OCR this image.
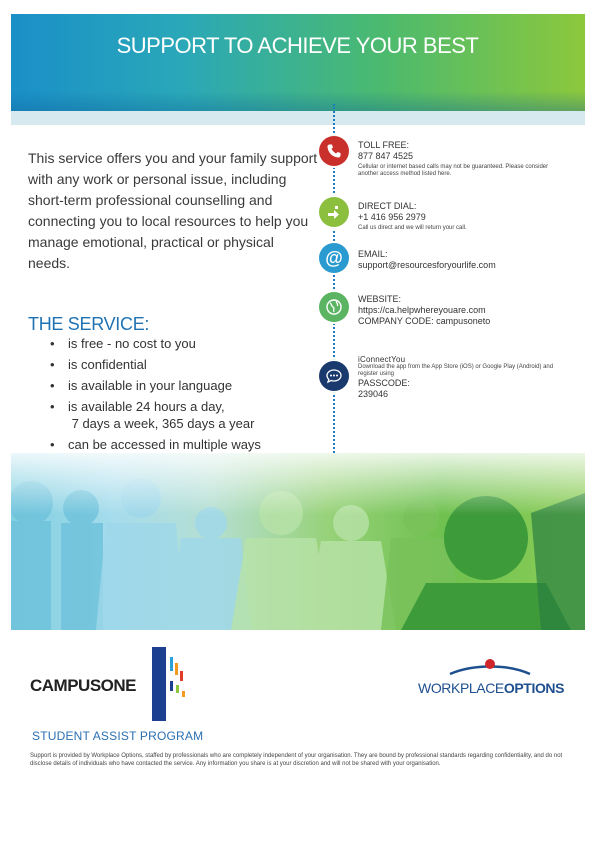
SUPPORT TO ACHIEVE YOUR BEST

This service offers you and your family support with any work or personal issue, including short-term professional counselling and connecting you to local resources to help you manage emotional, practical or physical needs.

THE SERVICE:
•	is free - no cost to you
•	is confidential
•	is available in your language
•	is available 24 hours a day,
7 days a week, 365 days a year
•	can be accessed in multiple ways
TOLL FREE:
877 847 4525
Cellular or internet based calls may not be guaranteed. Please consider another access method listed here.
DIRECT DIAL:
+1 416 956 2979
Call us direct and we will return your call.
@	EMAIL:
support@resourcesforyourlife.com
WEBSITE:
https://ca.helpwhereyouare.com
COMPANY CODE: campusoneto
iConnectYou
Download the app from the App Store (iOS) or Google Play (Android) and register using
PASSCODE:
239046
CAMPUSONE	WORKPLACEOPTIONS
STUDENT ASSIST PROGRAM

Support is provided by Workplace Options, staffed by professionals who are completely independent of your organisation. They are bound by professional standards regarding confidentiality, and do not disclose details of individuals who have contacted the service. Any information you share is at your discretion and will not be shared with your organisation.
